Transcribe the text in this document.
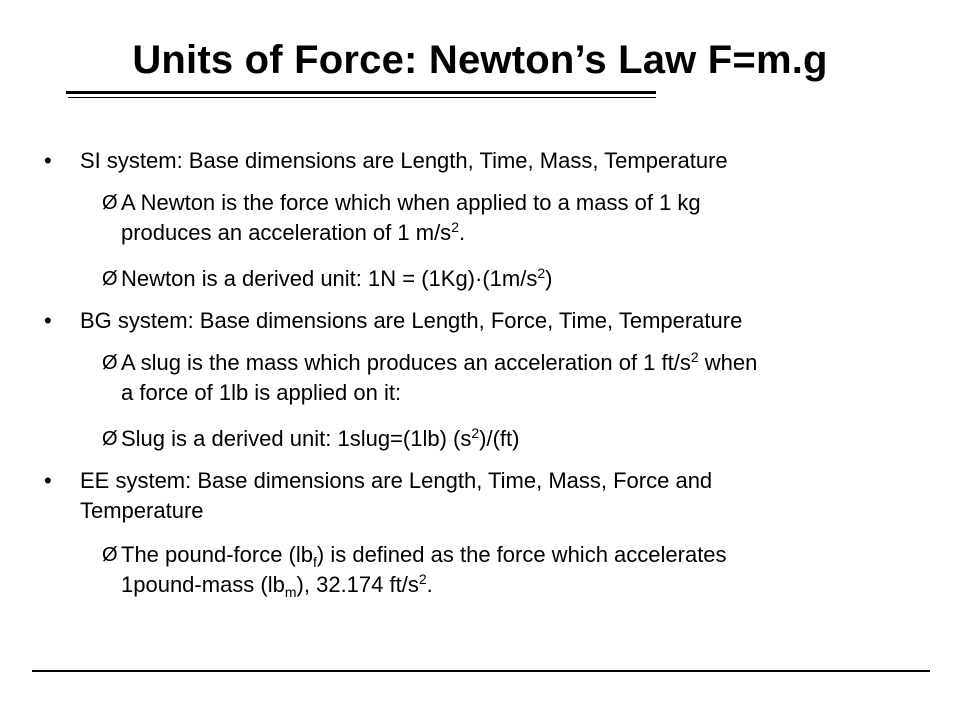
Units of Force: Newton’s Law F=m.g
• SI system: Base dimensions are Length, Time, Mass, Temperature
Ø A Newton is the force which when applied to a mass of 1 kg
produces an acceleration of 1 $m/s^2$.
Ø Newton is a derived unit: $1N = (1Kg)\cdot(1m/s^2)$
• BG system: Base dimensions are Length, Force, Time, Temperature
Ø A slug is the mass which produces an acceleration of 1 $ft/s^2$ when
a force of 1lb is applied on it:
Ø Slug is a derived unit: 1slug=(1lb) $(s^2)/(ft)$
• EE system: Base dimensions are Length, Time, Mass, Force and
Temperature
Ø The pound-force $(lb_f)$ is defined as the force which accelerates
1pound-mass $(lb_m)$, 32.174 $ft/s^2$.
